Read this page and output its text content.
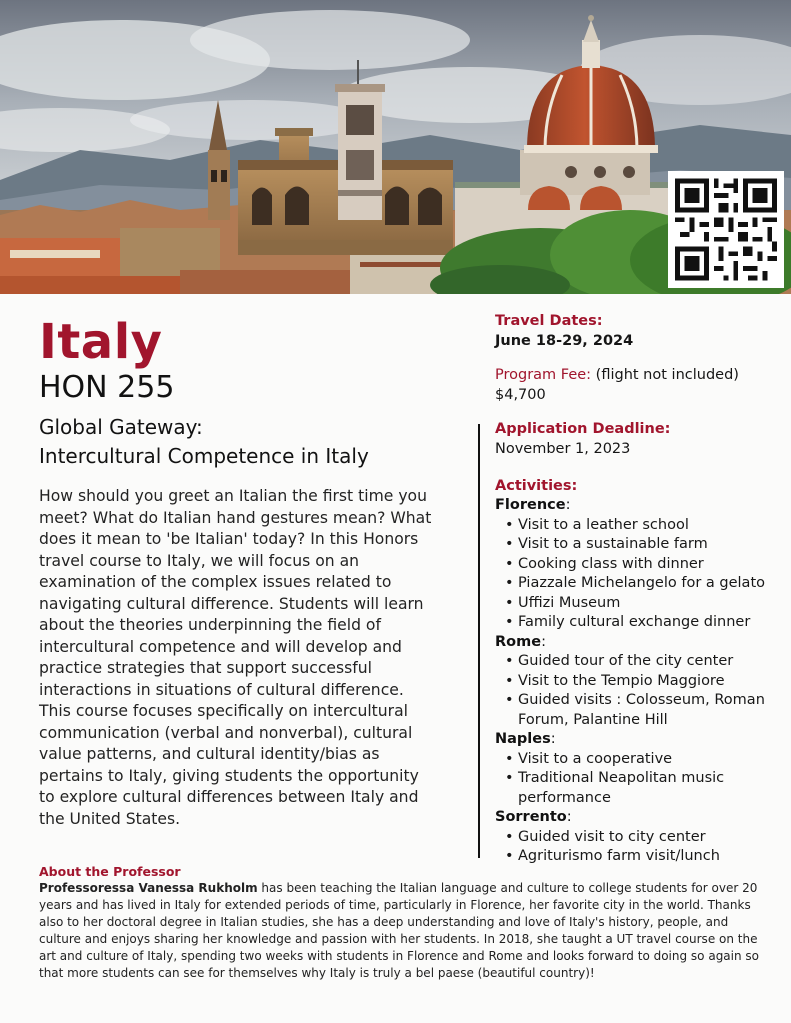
Italy
HON 255
Global Gateway:
Intercultural Competence in Italy

How should you greet an Italian the first time you meet? What do Italian hand gestures mean? What does it mean to 'be Italian' today? In this Honors travel course to Italy, we will focus on an examination of the complex issues related to navigating cultural difference. Students will learn about the theories underpinning the field of intercultural competence and will develop and practice strategies that support successful interactions in situations of cultural difference. This course focuses specifically on intercultural communication (verbal and nonverbal), cultural value patterns, and cultural identity/bias as pertains to Italy, giving students the opportunity to explore cultural differences between Italy and the United States.

Travel Dates:
June 18-29, 2024
Program Fee: (flight not included)
$4,700
Application Deadline:
November 1, 2023
Activities:
Florence:
• Visit to a leather school
• Visit to a sustainable farm
• Cooking class with dinner
• Piazzale Michelangelo for a gelato
• Uffizi Museum
• Family cultural exchange dinner
Rome:
• Guided tour of the city center
• Visit to the Tempio Maggiore
• Guided visits : Colosseum, Roman Forum, Palantine Hill
Naples:
• Visit to a cooperative
• Traditional Neapolitan music performance
Sorrento:
• Guided visit to city center
• Agriturismo farm visit/lunch
About the Professor

Professoressa Vanessa Rukholm has been teaching the Italian language and culture to college students for over 20 years and has lived in Italy for extended periods of time, particularly in Florence, her favorite city in the world. Thanks also to her doctoral degree in Italian studies, she has a deep understanding and love of Italy's history, people, and culture and enjoys sharing her knowledge and passion with her students. In 2018, she taught a UT travel course on the art and culture of Italy, spending two weeks with students in Florence and Rome and looks forward to doing so again so that more students can see for themselves why Italy is truly a bel paese (beautiful country)!
